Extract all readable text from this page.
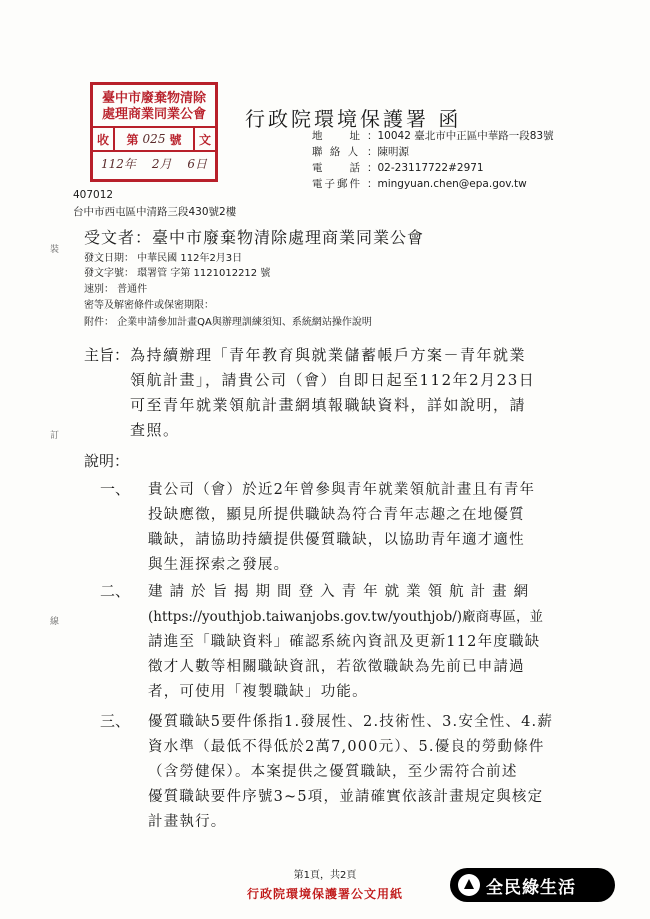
臺中市廢棄物清除
處理商業同業公會
收	第 025 號	文
112年 2月 6日
行政院環境保護署 函
地　　址 ：10042 臺北市中正區中華路一段83號
聯 絡 人 ：陳明源
電　　話 ：02-23117722#2971
電子郵件 ：mingyuan.chen@epa.gov.tw
407012
台中市西屯區中清路三段430號2樓
受文者：臺中市廢棄物清除處理商業同業公會
發文日期： 中華民國 112年2月3日
發文字號： 環署管 字第 1121012212 號
速別： 普通件
密等及解密條件或保密期限：
附件： 企業申請參加計畫QA與辦理訓練須知、系統網站操作說明
裝
訂
線
主旨： 為持續辦理「青年教育與就業儲蓄帳戶方案－青年就業
領航計畫」，請貴公司（會）自即日起至112年2月23日
可至青年就業領航計畫網填報職缺資料，詳如說明，請
查照。
說明：
一、 貴公司（會）於近2年曾參與青年就業領航計畫且有青年
投缺應徵，顯見所提供職缺為符合青年志趣之在地優質
職缺，請協助持續提供優質職缺，以協助青年適才適性
與生涯探索之發展。
二、 建 請 於 旨 揭 期 間 登 入 青 年 就 業 領 航 計 畫 網
(https://youthjob.taiwanjobs.gov.tw/youthjob/)廠商專區，並
請進至「職缺資料」確認系統內資訊及更新112年度職缺
徵才人數等相關職缺資訊，若欲徵職缺為先前已申請過
者，可使用「複製職缺」功能。
三、 優質職缺5要件係指1.發展性、2.技術性、3.安全性、4.薪
資水準（最低不得低於2萬7,000元）、5.優良的勞動條件
（含勞健保）。本案提供之優質職缺，至少需符合前述
優質職缺要件序號3~5項，並請確實依該計畫規定與核定
計畫執行。
第1頁，共2頁
行政院環境保護署公文用紙	全民綠生活
